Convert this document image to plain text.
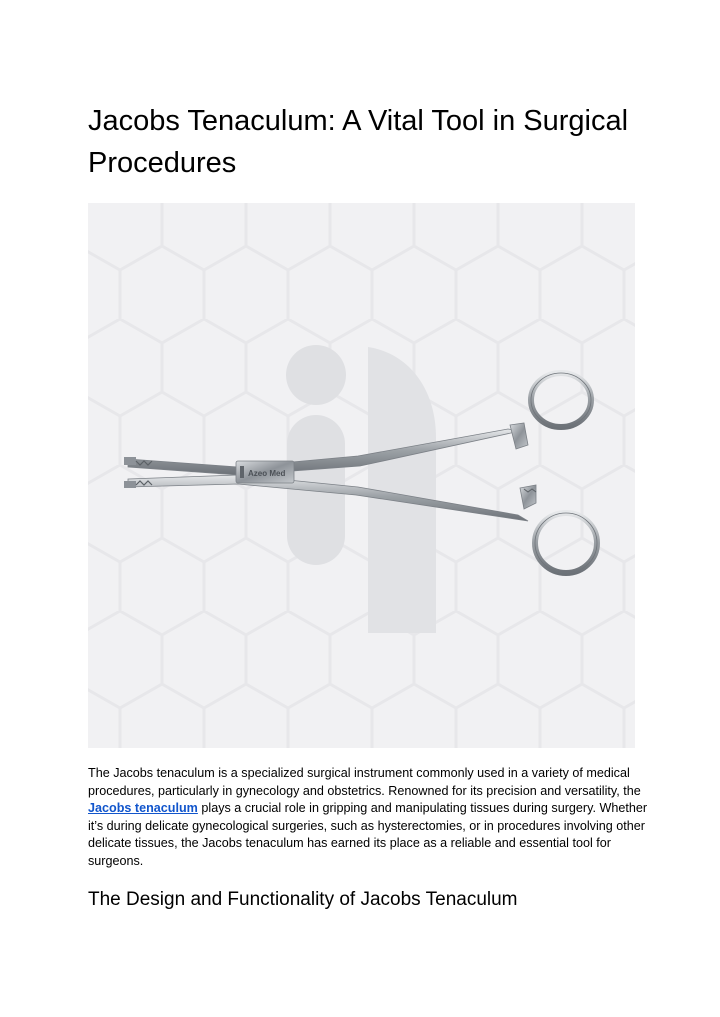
Jacobs Tenaculum: A Vital Tool in Surgical Procedures
Azeo Med

The Jacobs tenaculum is a specialized surgical instrument commonly used in a variety of medical procedures, particularly in gynecology and obstetrics. Renowned for its precision and versatility, the Jacobs tenaculum plays a crucial role in gripping and manipulating tissues during surgery. Whether it’s during delicate gynecological surgeries, such as hysterectomies, or in procedures involving other delicate tissues, the Jacobs tenaculum has earned its place as a reliable and essential tool for surgeons.

The Design and Functionality of Jacobs Tenaculum
